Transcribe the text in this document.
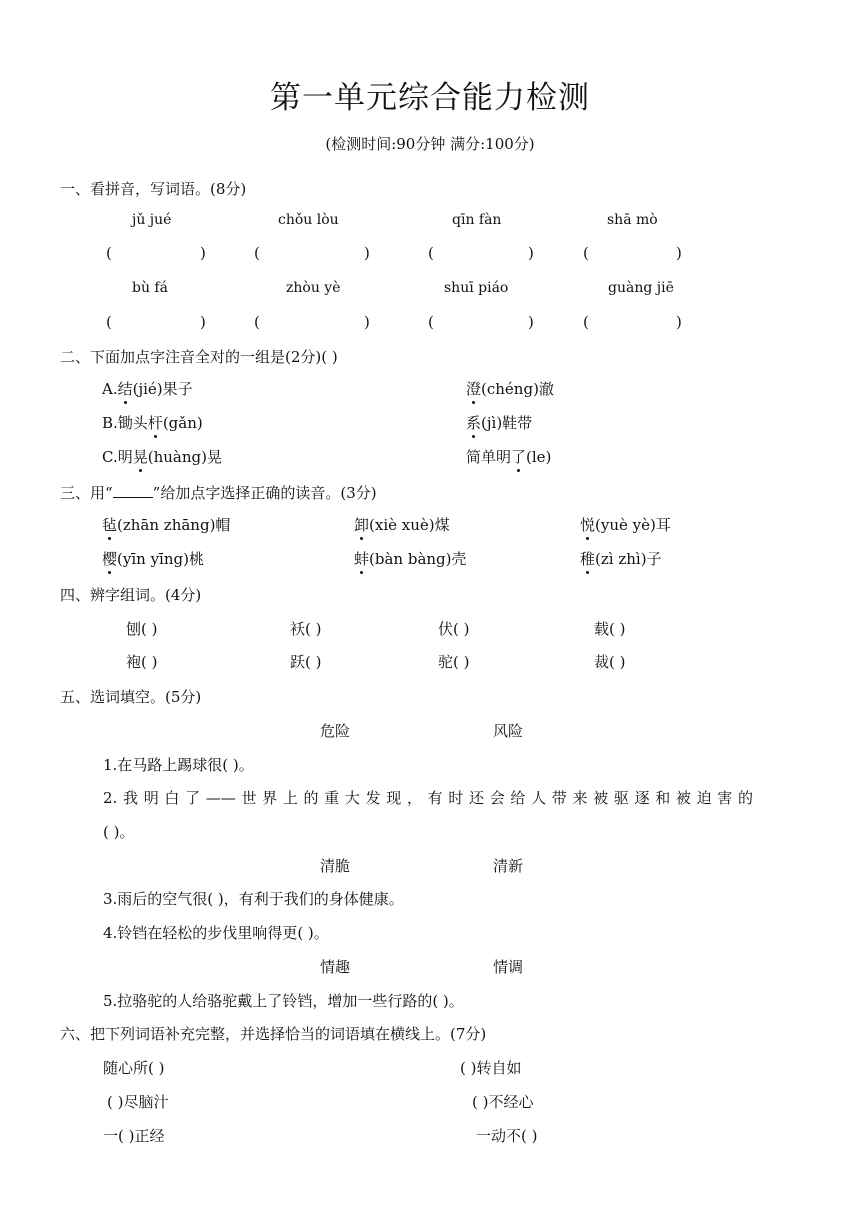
第一单元综合能力检测
(检测时间:90分钟 满分:100分)
一、看拼音，写词语。(8分)
jǔ jué	chǒu lòu	qīn fàn	shā mò
(	)	(	)	(	)	(	)
bù fá	zhòu yè	shuī piáo	guàng jiē
(	)	(	)	(	)	(	)
二、下面加点字注音全对的一组是(2分)( )
A.结(jié)果子	澄(chéng)澈
B.锄头杆(gǎn)	系(jì)鞋带
C.明晃(huàng)晃	简单明了(le)
三、用“	”给加点字选择正确的读音。(3分)
毡(zhān zhāng)帽	卸(xiè xuè)煤	悦(yuè yè)耳
樱(yīn yīng)桃	蚌(bàn bàng)壳	稚(zì zhì)子
四、辨字组词。(4分)
刨( )	袄( )	伏( )	载( )
袍( )	跃( )	驼( )	裁( )
五、选词填空。(5分)
危险	风险
1.在马路上踢球很( )。
2.我明白了——世界上的重大发现，有时还会给人带来被驱逐和被迫害的
( )。
清脆	清新
3.雨后的空气很( )，有利于我们的身体健康。
4.铃铛在轻松的步伐里响得更( )。
情趣	情调
5.拉骆驼的人给骆驼戴上了铃铛，增加一些行路的( )。
六、把下列词语补充完整，并选择恰当的词语填在横线上。(7分)
随心所( )	( )转自如
( )尽脑汁	( )不经心
一( )正经	一动不( )
